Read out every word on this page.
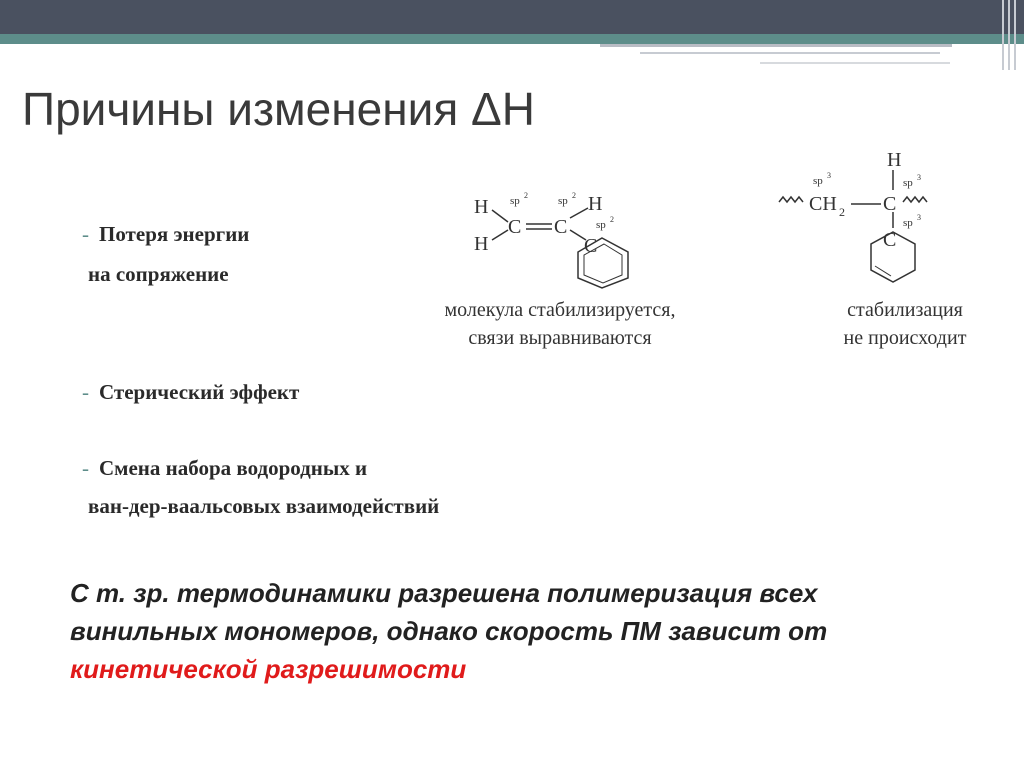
Причины изменения ΔН
- Потеря энергии
на сопряжение
- Стерический эффект
- Смена набора водородных и
ван-дер-ваальсовых взаимодействий
H
H
C
sp 2
C
sp 2 H
sp 2
C
молекула стабилизируется,
связи выравниваются
CH 2
sp 3
C
H
sp 3
sp 3
C
стабилизация
не происходит
С т. зр. термодинамики разрешена полимеризация всех винильных мономеров, однако скорость ПМ зависит от кинетической разрешимости
